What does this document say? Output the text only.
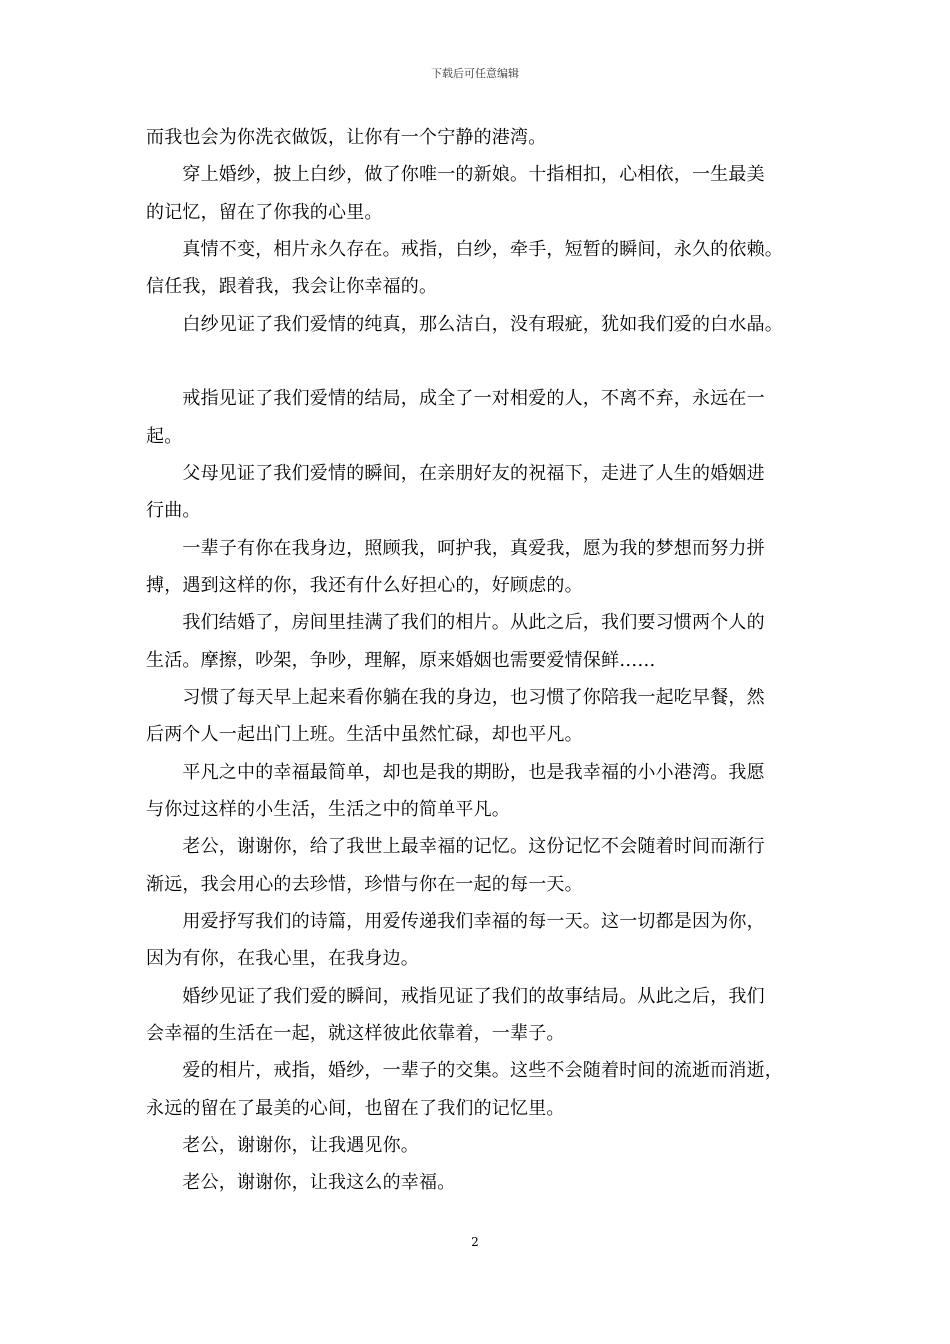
下载后可任意编辑
而我也会为你洗衣做饭，让你有一个宁静的港湾。
　　穿上婚纱，披上白纱，做了你唯一的新娘。十指相扣，心相依，一生最美
的记忆，留在了你我的心里。
　　真情不变，相片永久存在。戒指，白纱，牵手，短暂的瞬间，永久的依赖。
信任我，跟着我，我会让你幸福的。
　　白纱见证了我们爱情的纯真，那么洁白，没有瑕疵，犹如我们爱的白水晶。
　　戒指见证了我们爱情的结局，成全了一对相爱的人，不离不弃，永远在一
起。
　　父母见证了我们爱情的瞬间，在亲朋好友的祝福下，走进了人生的婚姻进
行曲。
　　一辈子有你在我身边，照顾我，呵护我，真爱我，愿为我的梦想而努力拼
搏，遇到这样的你，我还有什么好担心的，好顾虑的。
　　我们结婚了，房间里挂满了我们的相片。从此之后，我们要习惯两个人的
生活。摩擦，吵架，争吵，理解，原来婚姻也需要爱情保鲜……
　　习惯了每天早上起来看你躺在我的身边，也习惯了你陪我一起吃早餐，然
后两个人一起出门上班。生活中虽然忙碌，却也平凡。
　　平凡之中的幸福最简单，却也是我的期盼，也是我幸福的小小港湾。我愿
与你过这样的小生活，生活之中的简单平凡。
　　老公，谢谢你，给了我世上最幸福的记忆。这份记忆不会随着时间而渐行
渐远，我会用心的去珍惜，珍惜与你在一起的每一天。
　　用爱抒写我们的诗篇，用爱传递我们幸福的每一天。这一切都是因为你，
因为有你，在我心里，在我身边。
　　婚纱见证了我们爱的瞬间，戒指见证了我们的故事结局。从此之后，我们
会幸福的生活在一起，就这样彼此依靠着，一辈子。
　　爱的相片，戒指，婚纱，一辈子的交集。这些不会随着时间的流逝而消逝，
永远的留在了最美的心间，也留在了我们的记忆里。
　　老公，谢谢你，让我遇见你。
　　老公，谢谢你，让我这么的幸福。
2
